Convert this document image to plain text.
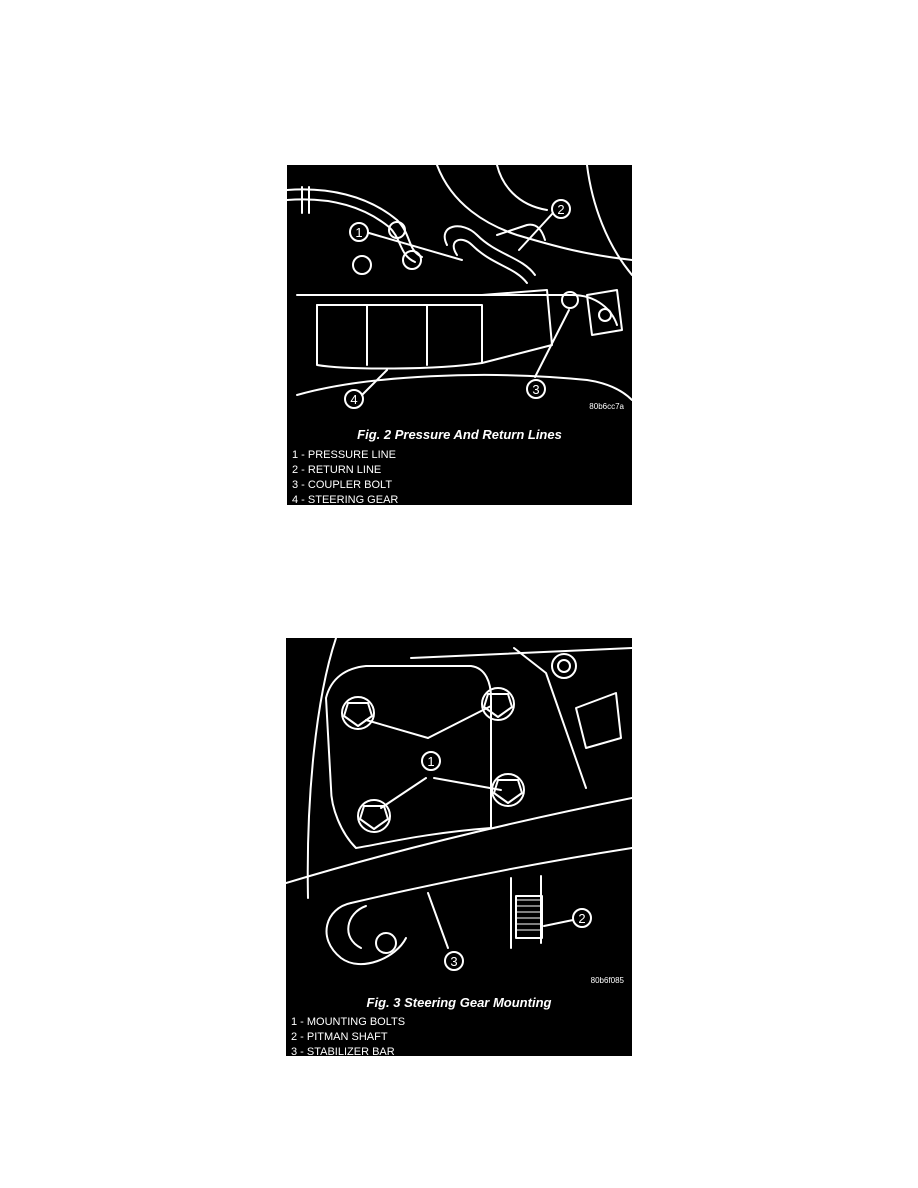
1
2
3
4	80b6cc7a
Fig. 2 Pressure And Return Lines
1 - PRESSURE LINE
2 - RETURN LINE
3 - COUPLER BOLT
4 - STEERING GEAR
1
2
3
80b6f085
Fig. 3 Steering Gear Mounting
1 - MOUNTING BOLTS
2 - PITMAN SHAFT
3 - STABILIZER BAR
